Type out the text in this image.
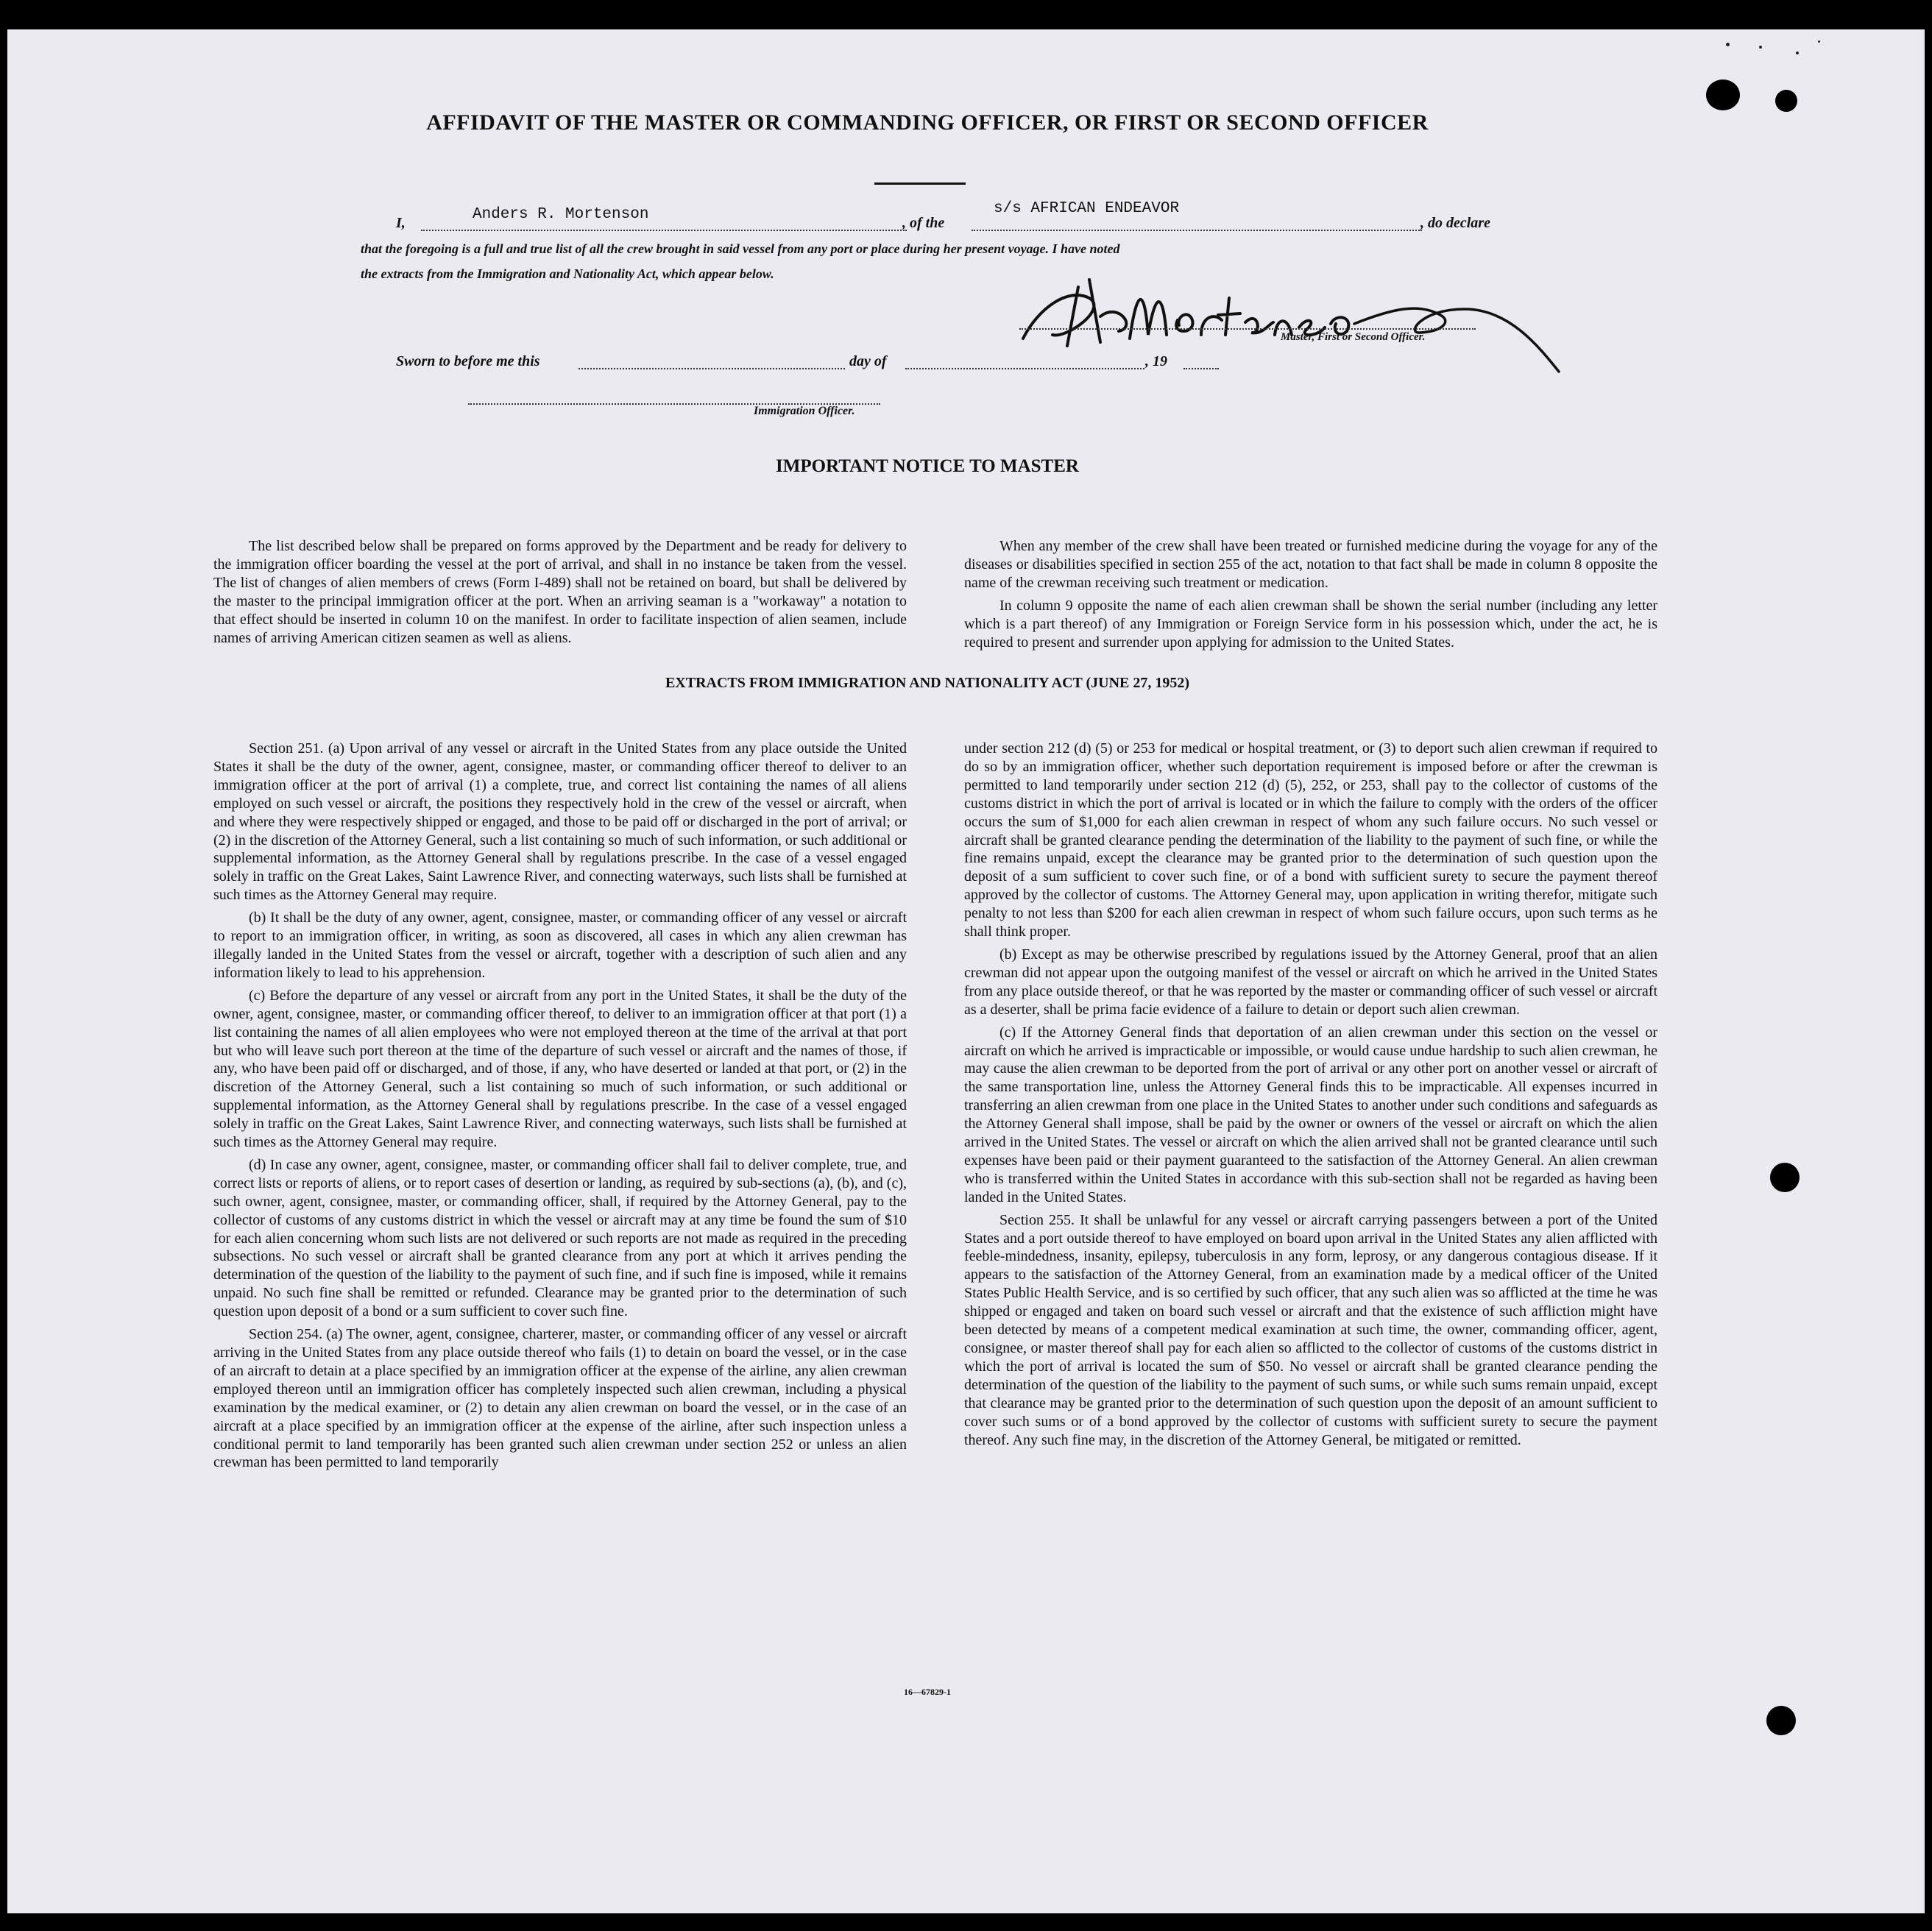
AFFIDAVIT OF THE MASTER OR COMMANDING OFFICER, OR FIRST OR SECOND OFFICER
I,	Anders R. Mortenson	, of the
s/s AFRICAN ENDEAVOR
, do declare
that the foregoing is a full and true list of all the crew brought in said vessel from any port or place during her present voyage. I have noted
the extracts from the Immigration and Nationality Act, which appear below.
Master, First or Second Officer.
Sworn to before me this	day of	, 19
Immigration Officer.
IMPORTANT NOTICE TO MASTER

The list described below shall be prepared on forms approved by the Department and be ready for delivery to the immigration officer boarding the vessel at the port of arrival, and shall in no instance be taken from the vessel. The list of changes of alien members of crews (Form I-489) shall not be retained on board, but shall be delivered by the master to the principal immigration officer at the port. When an arriving seaman is a "workaway" a notation to that effect should be inserted in column 10 on the manifest. In order to facilitate inspection of alien seamen, include names of arriving American citizen seamen as well as aliens.

When any member of the crew shall have been treated or furnished medicine during the voyage for any of the diseases or disabilities specified in section 255 of the act, notation to that fact shall be made in column 8 opposite the name of the crewman receiving such treatment or medication.

In column 9 opposite the name of each alien crewman shall be shown the serial number (including any letter which is a part thereof) of any Immigration or Foreign Service form in his possession which, under the act, he is required to present and surrender upon applying for admission to the United States.

EXTRACTS FROM IMMIGRATION AND NATIONALITY ACT (JUNE 27, 1952)

Section 251. (a) Upon arrival of any vessel or aircraft in the United States from any place outside the United States it shall be the duty of the owner, agent, consignee, master, or commanding officer thereof to deliver to an immigration officer at the port of arrival (1) a complete, true, and correct list containing the names of all aliens employed on such vessel or aircraft, the positions they respectively hold in the crew of the vessel or aircraft, when and where they were respectively shipped or engaged, and those to be paid off or discharged in the port of arrival; or (2) in the discretion of the Attorney General, such a list containing so much of such information, or such additional or supplemental information, as the Attorney General shall by regulations prescribe. In the case of a vessel engaged solely in traffic on the Great Lakes, Saint Lawrence River, and connecting waterways, such lists shall be furnished at such times as the Attorney General may require.

(b) It shall be the duty of any owner, agent, consignee, master, or commanding officer of any vessel or aircraft to report to an immigration officer, in writing, as soon as discovered, all cases in which any alien crewman has illegally landed in the United States from the vessel or aircraft, together with a description of such alien and any information likely to lead to his apprehension.

(c) Before the departure of any vessel or aircraft from any port in the United States, it shall be the duty of the owner, agent, consignee, master, or commanding officer thereof, to deliver to an immigration officer at that port (1) a list containing the names of all alien employees who were not employed thereon at the time of the arrival at that port but who will leave such port thereon at the time of the departure of such vessel or aircraft and the names of those, if any, who have been paid off or discharged, and of those, if any, who have deserted or landed at that port, or (2) in the discretion of the Attorney General, such a list containing so much of such information, or such additional or supplemental information, as the Attorney General shall by regulations prescribe. In the case of a vessel engaged solely in traffic on the Great Lakes, Saint Lawrence River, and connecting waterways, such lists shall be furnished at such times as the Attorney General may require.

(d) In case any owner, agent, consignee, master, or commanding officer shall fail to deliver complete, true, and correct lists or reports of aliens, or to report cases of desertion or landing, as required by sub-sections (a), (b), and (c), such owner, agent, consignee, master, or commanding officer, shall, if required by the Attorney General, pay to the collector of customs of any customs district in which the vessel or aircraft may at any time be found the sum of $10 for each alien concerning whom such lists are not delivered or such reports are not made as required in the preceding subsections. No such vessel or aircraft shall be granted clearance from any port at which it arrives pending the determination of the question of the liability to the payment of such fine, and if such fine is imposed, while it remains unpaid. No such fine shall be remitted or refunded. Clearance may be granted prior to the determination of such question upon deposit of a bond or a sum sufficient to cover such fine.

Section 254. (a) The owner, agent, consignee, charterer, master, or commanding officer of any vessel or aircraft arriving in the United States from any place outside thereof who fails (1) to detain on board the vessel, or in the case of an aircraft to detain at a place specified by an immigration officer at the expense of the airline, any alien crewman employed thereon until an immigration officer has completely inspected such alien crewman, including a physical examination by the medical examiner, or (2) to detain any alien crewman on board the vessel, or in the case of an aircraft at a place specified by an immigration officer at the expense of the airline, after such inspection unless a conditional permit to land temporarily has been granted such alien crewman under section 252 or unless an alien crewman has been permitted to land temporarily

under section 212 (d) (5) or 253 for medical or hospital treatment, or (3) to deport such alien crewman if required to do so by an immigration officer, whether such deportation requirement is imposed before or after the crewman is permitted to land temporarily under section 212 (d) (5), 252, or 253, shall pay to the collector of customs of the customs district in which the port of arrival is located or in which the failure to comply with the orders of the officer occurs the sum of $1,000 for each alien crewman in respect of whom any such failure occurs. No such vessel or aircraft shall be granted clearance pending the determination of the liability to the payment of such fine, or while the fine remains unpaid, except the clearance may be granted prior to the determination of such question upon the deposit of a sum sufficient to cover such fine, or of a bond with sufficient surety to secure the payment thereof approved by the collector of customs. The Attorney General may, upon application in writing therefor, mitigate such penalty to not less than $200 for each alien crewman in respect of whom such failure occurs, upon such terms as he shall think proper.

(b) Except as may be otherwise prescribed by regulations issued by the Attorney General, proof that an alien crewman did not appear upon the outgoing manifest of the vessel or aircraft on which he arrived in the United States from any place outside thereof, or that he was reported by the master or commanding officer of such vessel or aircraft as a deserter, shall be prima facie evidence of a failure to detain or deport such alien crewman.

(c) If the Attorney General finds that deportation of an alien crewman under this section on the vessel or aircraft on which he arrived is impracticable or impossible, or would cause undue hardship to such alien crewman, he may cause the alien crewman to be deported from the port of arrival or any other port on another vessel or aircraft of the same transportation line, unless the Attorney General finds this to be impracticable. All expenses incurred in transferring an alien crewman from one place in the United States to another under such conditions and safeguards as the Attorney General shall impose, shall be paid by the owner or owners of the vessel or aircraft on which the alien arrived in the United States. The vessel or aircraft on which the alien arrived shall not be granted clearance until such expenses have been paid or their payment guaranteed to the satisfaction of the Attorney General. An alien crewman who is transferred within the United States in accordance with this sub-section shall not be regarded as having been landed in the United States.

Section 255. It shall be unlawful for any vessel or aircraft carrying passengers between a port of the United States and a port outside thereof to have employed on board upon arrival in the United States any alien afflicted with feeble-mindedness, insanity, epilepsy, tuberculosis in any form, leprosy, or any dangerous contagious disease. If it appears to the satisfaction of the Attorney General, from an examination made by a medical officer of the United States Public Health Service, and is so certified by such officer, that any such alien was so afflicted at the time he was shipped or engaged and taken on board such vessel or aircraft and that the existence of such affliction might have been detected by means of a competent medical examination at such time, the owner, commanding officer, agent, consignee, or master thereof shall pay for each alien so afflicted to the collector of customs of the customs district in which the port of arrival is located the sum of $50. No vessel or aircraft shall be granted clearance pending the determination of the question of the liability to the payment of such sums, or while such sums remain unpaid, except that clearance may be granted prior to the determination of such question upon the deposit of an amount sufficient to cover such sums or of a bond approved by the collector of customs with sufficient surety to secure the payment thereof. Any such fine may, in the discretion of the Attorney General, be mitigated or remitted.

16—67829-1
